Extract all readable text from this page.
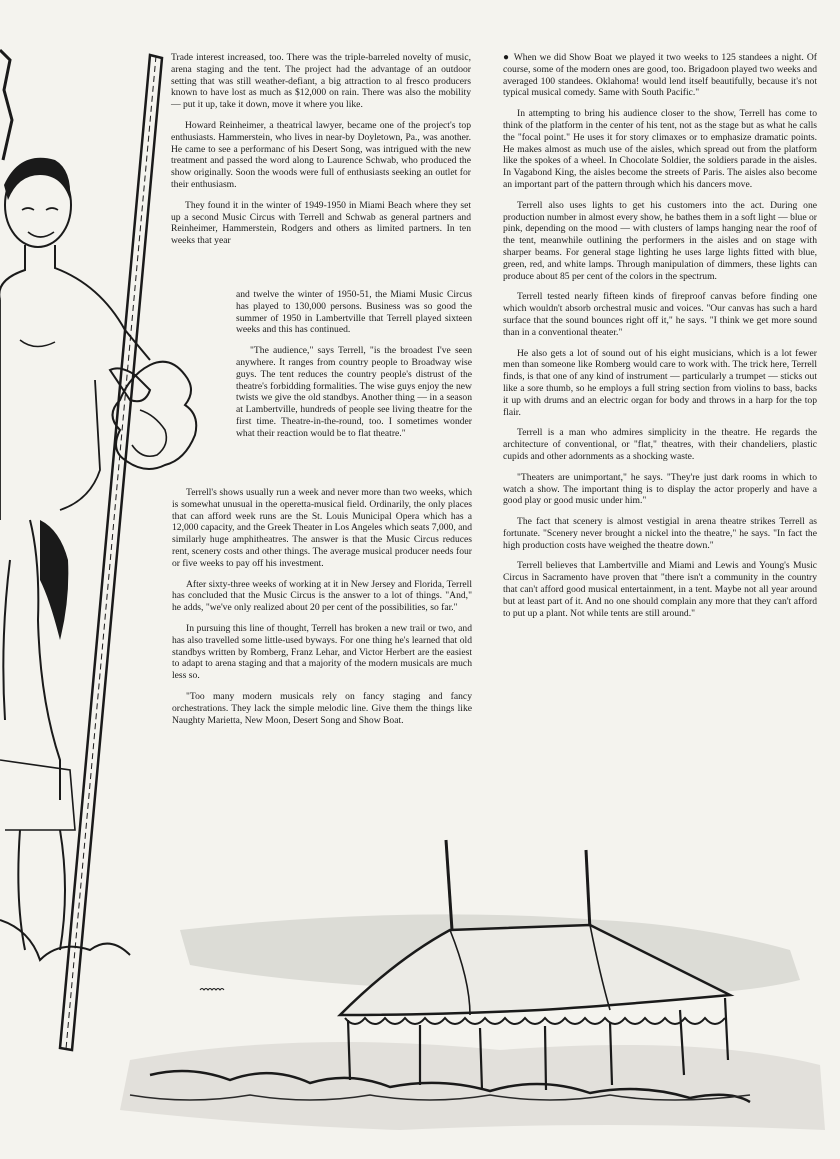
Trade interest increased, too. There was the triple-barreled novelty of music, arena staging and the tent. The project had the advantage of an outdoor setting that was still weather-defiant, a big attraction to al fresco producers known to have lost as much as $12,000 on rain. There was also the mobility — put it up, take it down, move it where you like.

Howard Reinheimer, a theatrical lawyer, became one of the project's top enthusiasts. Hammerstein, who lives in near-by Doyletown, Pa., was another. He came to see a performanc of his Desert Song, was intrigued with the new treatment and passed the word along to Laurence Schwab, who produced the show originally. Soon the woods were full of enthusiasts seeking an outlet for their enthusiasm.

They found it in the winter of 1949-1950 in Miami Beach where they set up a second Music Circus with Terrell and Schwab as general partners and Reinheimer, Hammerstein, Rodgers and others as limited partners. In ten weeks that year

and twelve the winter of 1950-51, the Miami Music Circus has played to 130,000 persons. Business was so good the summer of 1950 in Lambertville that Terrell played sixteen weeks and this has continued.

"The audience," says Terrell, "is the broadest I've seen anywhere. It ranges from country people to Broadway wise guys. The tent reduces the country people's distrust of the theatre's forbidding formalities. The wise guys enjoy the new twists we give the old standbys. Another thing — in a season at Lambertville, hundreds of people see living theatre for the first time. Theatre-in-the-round, too. I sometimes wonder what their reaction would be to flat theatre."

Terrell's shows usually run a week and never more than two weeks, which is somewhat unusual in the operetta-musical field. Ordinarily, the only places that can afford week runs are the St. Louis Municipal Opera which has a 12,000 capacity, and the Greek Theater in Los Angeles which seats 7,000, and similarly huge amphitheatres. The answer is that the Music Circus reduces rent, scenery costs and other things. The average musical producer needs four or five weeks to pay off his investment.

After sixty-three weeks of working at it in New Jersey and Florida, Terrell has concluded that the Music Circus is the answer to a lot of things. "And," he adds, "we've only realized about 20 per cent of the possibilities, so far."

In pursuing this line of thought, Terrell has broken a new trail or two, and has also travelled some little-used byways. For one thing he's learned that old standbys written by Romberg, Franz Lehar, and Victor Herbert are the easiest to adapt to arena staging and that a majority of the modern musicals are much less so.

"Too many modern musicals rely on fancy staging and fancy orchestrations. They lack the simple melodic line. Give them the things like Naughty Marietta, New Moon, Desert Song and Show Boat.

● When we did Show Boat we played it two weeks to 125 standees a night. Of course, some of the modern ones are good, too. Brigadoon played two weeks and averaged 100 standees. Oklahoma! would lend itself beautifully, because it's not typical musical comedy. Same with South Pacific."

In attempting to bring his audience closer to the show, Terrell has come to think of the platform in the center of his tent, not as the stage but as what he calls the "focal point." He uses it for story climaxes or to emphasize dramatic points. He makes almost as much use of the aisles, which spread out from the platform like the spokes of a wheel. In Chocolate Soldier, the soldiers parade in the aisles. In Vagabond King, the aisles become the streets of Paris. The aisles also become an important part of the pattern through which his dancers move.

Terrell also uses lights to get his customers into the act. During one production number in almost every show, he bathes them in a soft light — blue or pink, depending on the mood — with clusters of lamps hanging near the roof of the tent, meanwhile outlining the performers in the aisles and on stage with sharper beams. For general stage lighting he uses large lights fitted with blue, green, red, and white lamps. Through manipulation of dimmers, these lights can produce about 85 per cent of the colors in the spectrum.

Terrell tested nearly fifteen kinds of fireproof canvas before finding one which wouldn't absorb orchestral music and voices. "Our canvas has such a hard surface that the sound bounces right off it," he says. "I think we get more sound than in a conventional theater."

He also gets a lot of sound out of his eight musicians, which is a lot fewer men than someone like Romberg would care to work with. The trick here, Terrell finds, is that one of any kind of instrument — particularly a trumpet — sticks out like a sore thumb, so he employs a full string section from violins to bass, backs it up with drums and an electric organ for body and throws in a harp for the top flair.

Terrell is a man who admires simplicity in the theatre. He regards the architecture of conventional, or "flat," theatres, with their chandeliers, plastic cupids and other adornments as a shocking waste.

"Theaters are unimportant," he says. "They're just dark rooms in which to watch a show. The important thing is to display the actor properly and have a good play or good music under him."

The fact that scenery is almost vestigial in arena theatre strikes Terrell as fortunate. "Scenery never brought a nickel into the theatre," he says. "In fact the high production costs have weighed the theatre down."

Terrell believes that Lambertville and Miami and Lewis and Young's Music Circus in Sacramento have proven that "there isn't a community in the country that can't afford good musical entertainment, in a tent. Maybe not all year around but at least part of it. And no one should complain any more that they can't afford to put up a plant. Not while tents are still around."
